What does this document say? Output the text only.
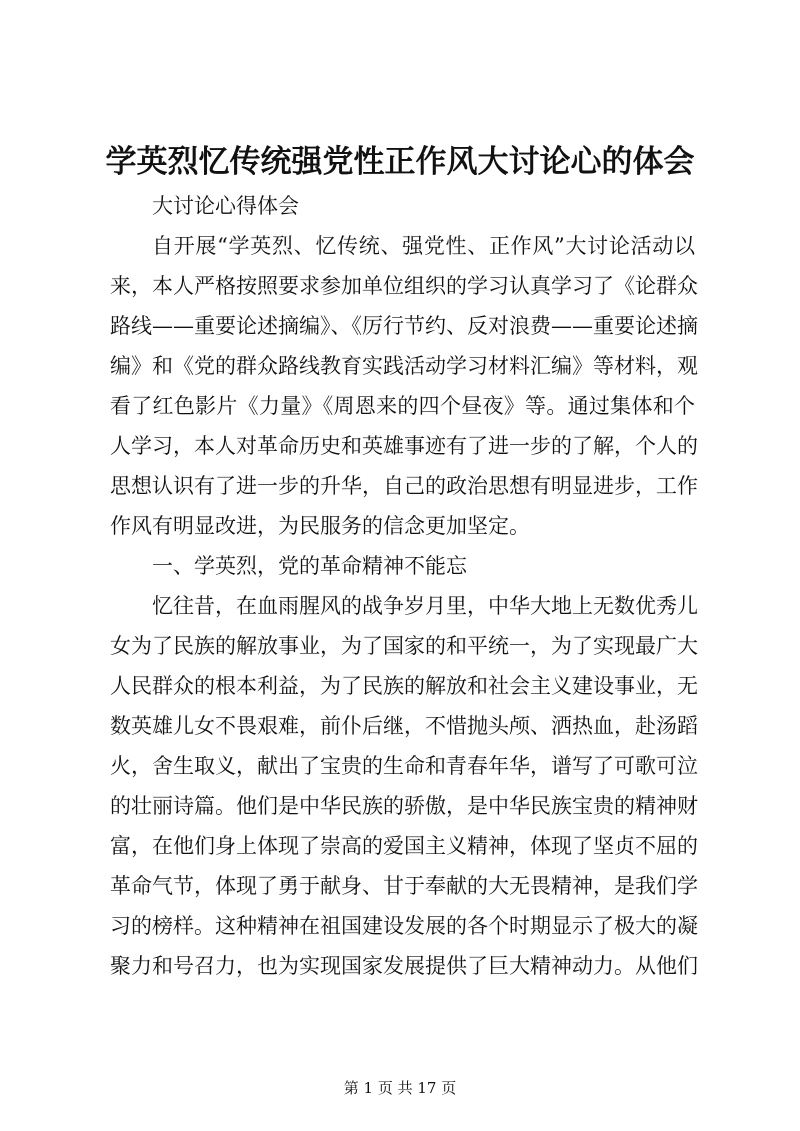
学英烈忆传统强党性正作风大讨论心的体会
大讨论心得体会
自开展“学英烈、忆传统、强党性、正作风”大讨论活动以
来，本人严格按照要求参加单位组织的学习认真学习了《论群众
路线——重要论述摘编》、《厉行节约、反对浪费——重要论述摘
编》和《党的群众路线教育实践活动学习材料汇编》等材料，观
看了红色影片《力量》《周恩来的四个昼夜》等。通过集体和个
人学习，本人对革命历史和英雄事迹有了进一步的了解，个人的
思想认识有了进一步的升华，自己的政治思想有明显进步，工作
作风有明显改进，为民服务的信念更加坚定。
一、学英烈，党的革命精神不能忘
忆往昔，在血雨腥风的战争岁月里，中华大地上无数优秀儿
女为了民族的解放事业，为了国家的和平统一，为了实现最广大
人民群众的根本利益，为了民族的解放和社会主义建设事业，无
数英雄儿女不畏艰难，前仆后继，不惜抛头颅、洒热血，赴汤蹈
火，舍生取义，献出了宝贵的生命和青春年华，谱写了可歌可泣
的壮丽诗篇。他们是中华民族的骄傲，是中华民族宝贵的精神财
富，在他们身上体现了崇高的爱国主义精神，体现了坚贞不屈的
革命气节，体现了勇于献身、甘于奉献的大无畏精神，是我们学
习的榜样。这种精神在祖国建设发展的各个时期显示了极大的凝
聚力和号召力，也为实现国家发展提供了巨大精神动力。从他们
第 1 页 共 17 页
